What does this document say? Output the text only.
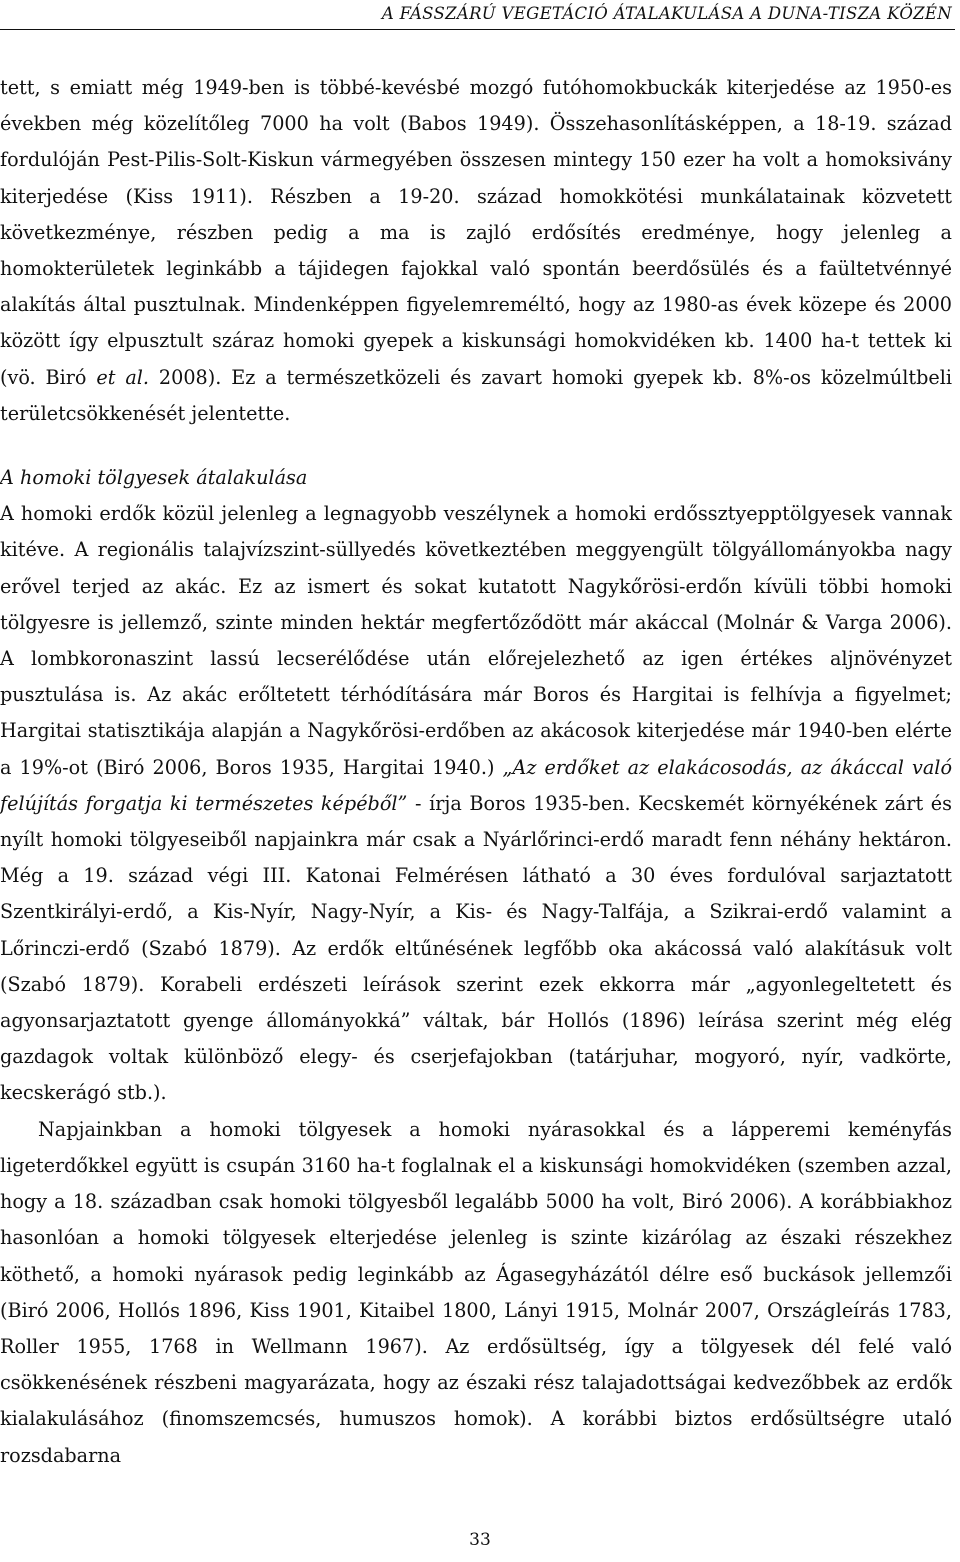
A FÁSSZÁRÚ VEGETÁCIÓ ÁTALAKULÁSA A DUNA-TISZA KÖZÉN

tett, s emiatt még 1949-ben is többé-kevésbé mozgó futóhomokbuckák kiterjedése az 1950-es években még közelítőleg 7000 ha volt (Babos 1949). Összehasonlításképpen, a 18-19. század fordulóján Pest-Pilis-Solt-Kiskun vármegyében összesen mintegy 150 ezer ha volt a homoksivány kiterjedése (Kiss 1911). Részben a 19-20. század homokkötési munkálatainak közvetett következménye, részben pedig a ma is zajló erdősítés eredménye, hogy jelenleg a homokterületek leginkább a tájidegen fajokkal való spontán beerdősülés és a faültetvénnyé alakítás által pusztulnak. Mindenképpen figyelemreméltó, hogy az 1980-as évek közepe és 2000 között így elpusztult száraz homoki gyepek a kiskunsági homokvidéken kb. 1400 ha-t tettek ki (vö. Biró et al. 2008). Ez a természetközeli és zavart homoki gyepek kb. 8%-os közelmúltbeli területcsökkenését jelentette.

A homoki tölgyesek átalakulása

A homoki erdők közül jelenleg a legnagyobb veszélynek a homoki erdőssztyepptölgyesek vannak kitéve. A regionális talajvízszint-süllyedés következtében meggyengült tölgyállományokba nagy erővel terjed az akác. Ez az ismert és sokat kutatott Nagykőrösi-erdőn kívüli többi homoki tölgyesre is jellemző, szinte minden hektár megfertőződött már akáccal (Molnár & Varga 2006). A lombkoronaszint lassú lecserélődése után előrejelezhető az igen értékes aljnövényzet pusztulása is. Az akác erőltetett térhódítására már Boros és Hargitai is felhívja a figyelmet; Hargitai statisztikája alapján a Nagykőrösi-erdőben az akácosok kiterjedése már 1940-ben elérte a 19%-ot (Biró 2006, Boros 1935, Hargitai 1940.) „Az erdőket az elakácosodás, az ákáccal való felújítás forgatja ki természetes képéből” - írja Boros 1935-ben. Kecskemét környékének zárt és nyílt homoki tölgyeseiből napjainkra már csak a Nyárlőrinci-erdő maradt fenn néhány hektáron. Még a 19. század végi III. Katonai Felmérésen látható a 30 éves fordulóval sarjaztatott Szentkirályi-erdő, a Kis-Nyír, Nagy-Nyír, a Kis- és Nagy-Talfája, a Szikrai-erdő valamint a Lőrinczi-erdő (Szabó 1879). Az erdők eltűnésének legfőbb oka akácossá való alakításuk volt (Szabó 1879). Korabeli erdészeti leírások szerint ezek ekkorra már „agyonlegeltetett és agyonsarjaztatott gyenge állományokká” váltak, bár Hollós (1896) leírása szerint még elég gazdagok voltak különböző elegy- és cserjefajokban (tatárjuhar, mogyoró, nyír, vadkörte, kecskerágó stb.).

Napjainkban a homoki tölgyesek a homoki nyárasokkal és a lápperemi keményfás ligeterdőkkel együtt is csupán 3160 ha-t foglalnak el a kiskunsági homokvidéken (szemben azzal, hogy a 18. században csak homoki tölgyesből legalább 5000 ha volt, Biró 2006). A korábbiakhoz hasonlóan a homoki tölgyesek elterjedése jelenleg is szinte kizárólag az északi részekhez köthető, a homoki nyárasok pedig leginkább az Ágasegyházától délre eső buckások jellemzői (Biró 2006, Hollós 1896, Kiss 1901, Kitaibel 1800, Lányi 1915, Molnár 2007, Országleírás 1783, Roller 1955, 1768 in Wellmann 1967). Az erdősültség, így a tölgyesek dél felé való csökkenésének részbeni magyarázata, hogy az északi rész talajadottságai kedvezőbbek az erdők kialakulásához (finomszemcsés, humuszos homok). A korábbi biztos erdősültségre utaló rozsdabarna

33
